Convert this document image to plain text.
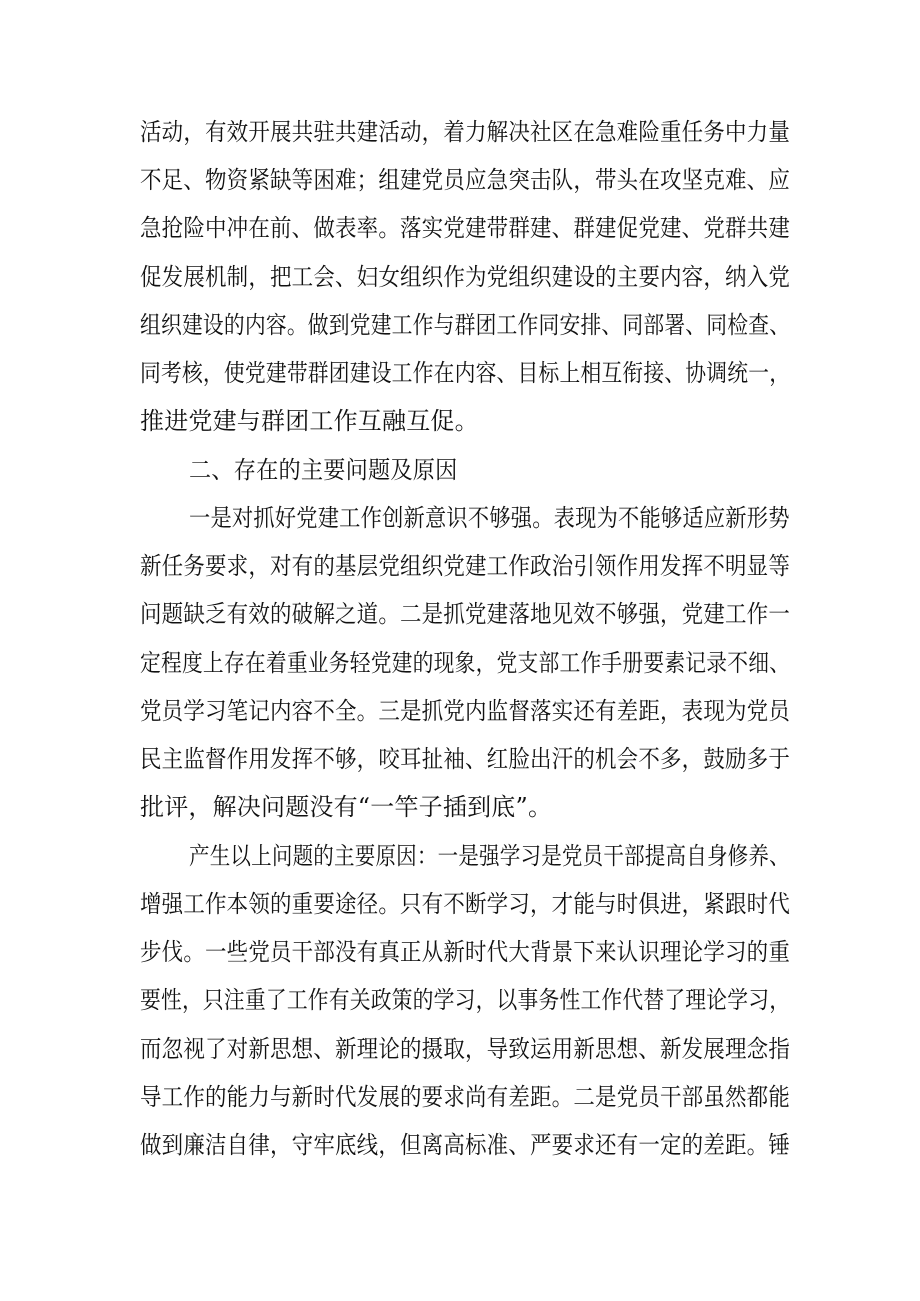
活动，有效开展共驻共建活动，着力解决社区在急难险重任务中力量
不足、物资紧缺等困难；组建党员应急突击队，带头在攻坚克难、应
急抢险中冲在前、做表率。落实党建带群建、群建促党建、党群共建
促发展机制，把工会、妇女组织作为党组织建设的主要内容，纳入党
组织建设的内容。做到党建工作与群团工作同安排、同部署、同检查、
同考核，使党建带群团建设工作在内容、目标上相互衔接、协调统一，
推进党建与群团工作互融互促。
二、存在的主要问题及原因
一是对抓好党建工作创新意识不够强。表现为不能够适应新形势
新任务要求，对有的基层党组织党建工作政治引领作用发挥不明显等
问题缺乏有效的破解之道。二是抓党建落地见效不够强，党建工作一
定程度上存在着重业务轻党建的现象，党支部工作手册要素记录不细、
党员学习笔记内容不全。三是抓党内监督落实还有差距，表现为党员
民主监督作用发挥不够，咬耳扯袖、红脸出汗的机会不多，鼓励多于
批评，解决问题没有“一竿子插到底”。
产生以上问题的主要原因：一是强学习是党员干部提高自身修养、
增强工作本领的重要途径。只有不断学习，才能与时俱进，紧跟时代
步伐。一些党员干部没有真正从新时代大背景下来认识理论学习的重
要性，只注重了工作有关政策的学习，以事务性工作代替了理论学习，
而忽视了对新思想、新理论的摄取，导致运用新思想、新发展理念指
导工作的能力与新时代发展的要求尚有差距。二是党员干部虽然都能
做到廉洁自律，守牢底线，但离高标准、严要求还有一定的差距。锤
